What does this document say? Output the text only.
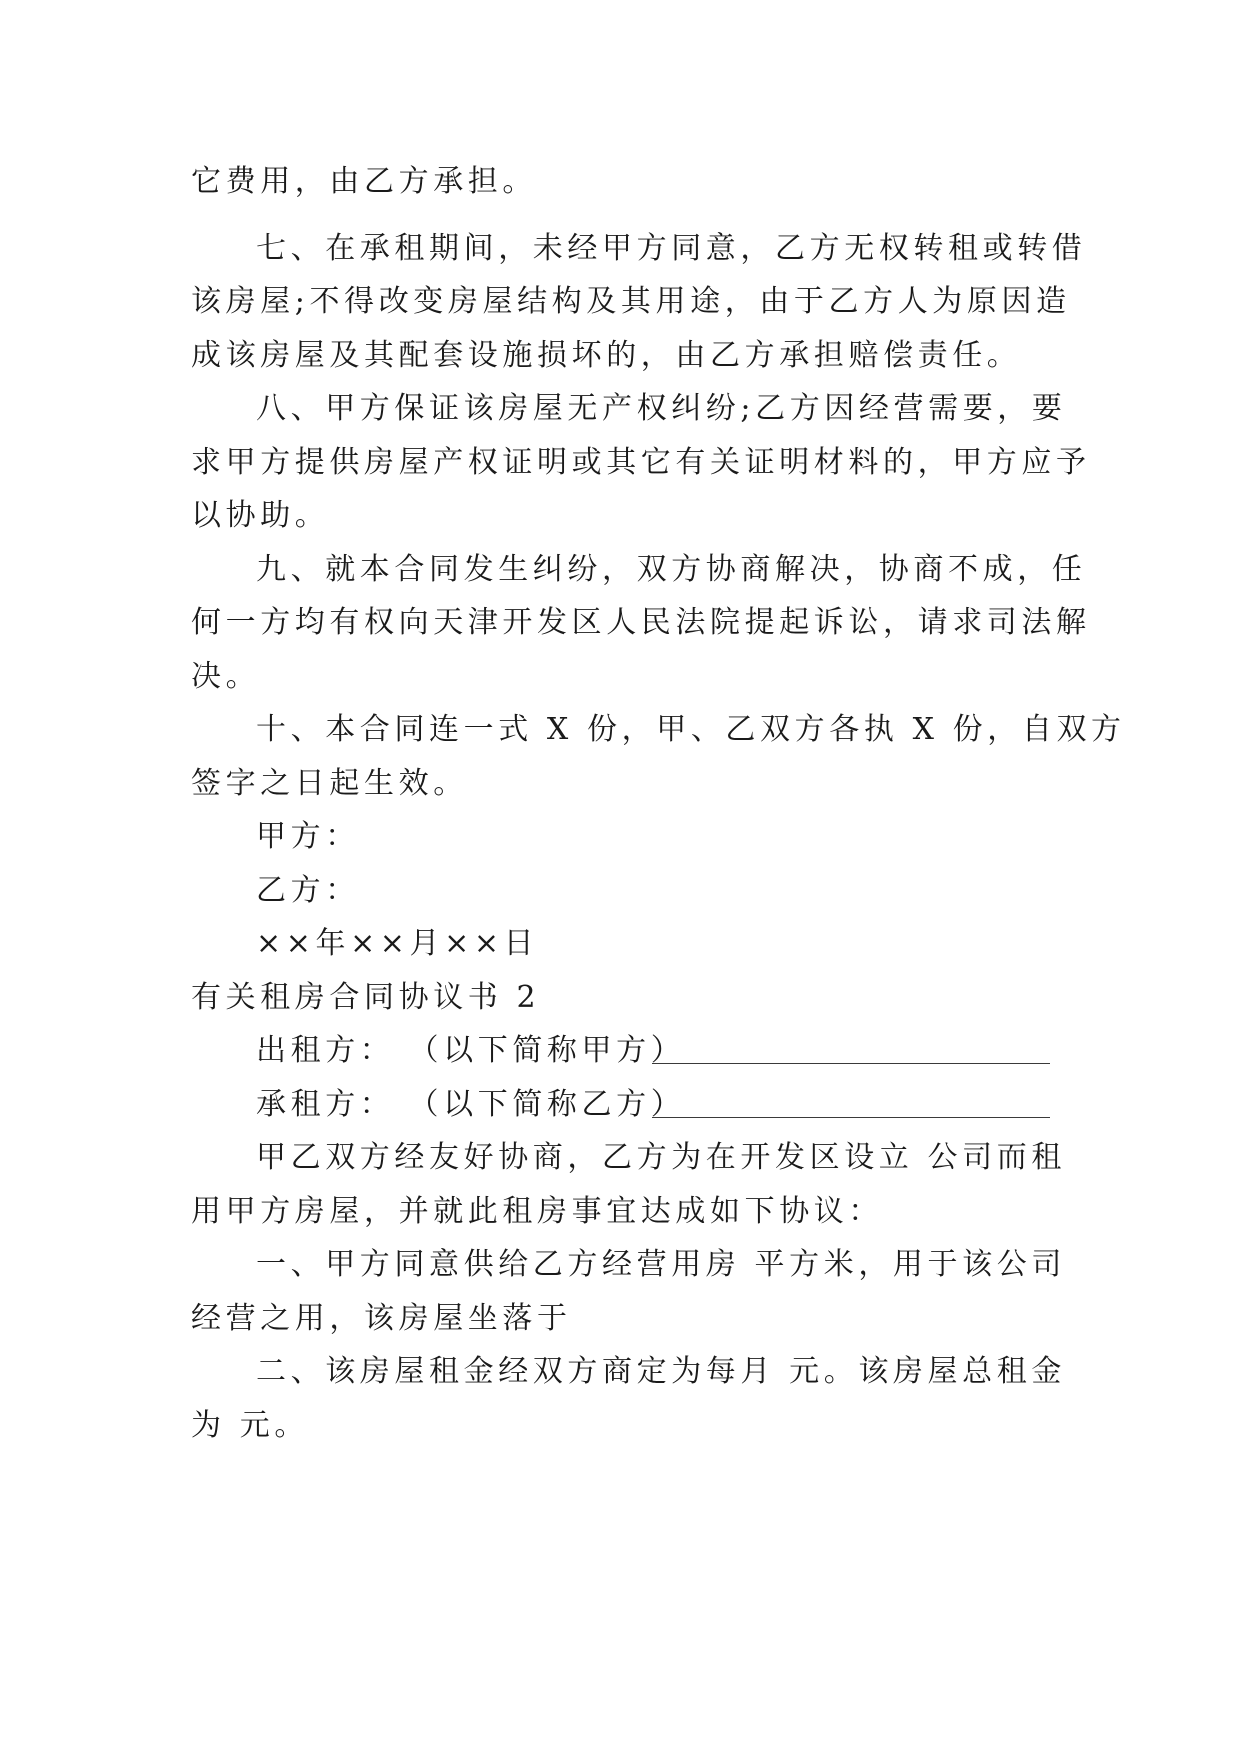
它费用，由乙方承担。
七、在承租期间，未经甲方同意，乙方无权转租或转借
该房屋;不得改变房屋结构及其用途，由于乙方人为原因造
成该房屋及其配套设施损坏的，由乙方承担赔偿责任。
八、甲方保证该房屋无产权纠纷;乙方因经营需要，要
求甲方提供房屋产权证明或其它有关证明材料的，甲方应予
以协助。
九、就本合同发生纠纷，双方协商解决，协商不成，任
何一方均有权向天津开发区人民法院提起诉讼，请求司法解
决。
十、本合同连一式 X 份，甲、乙双方各执 X 份，自双方
签字之日起生效。
甲方：
乙方：
××年××月××日
有关租房合同协议书 2
出租方： （以下简称甲方）
承租方： （以下简称乙方）
甲乙双方经友好协商，乙方为在开发区设立 公司而租
用甲方房屋，并就此租房事宜达成如下协议：
一、甲方同意供给乙方经营用房 平方米，用于该公司
经营之用，该房屋坐落于
二、该房屋租金经双方商定为每月 元。该房屋总租金
为 元。
